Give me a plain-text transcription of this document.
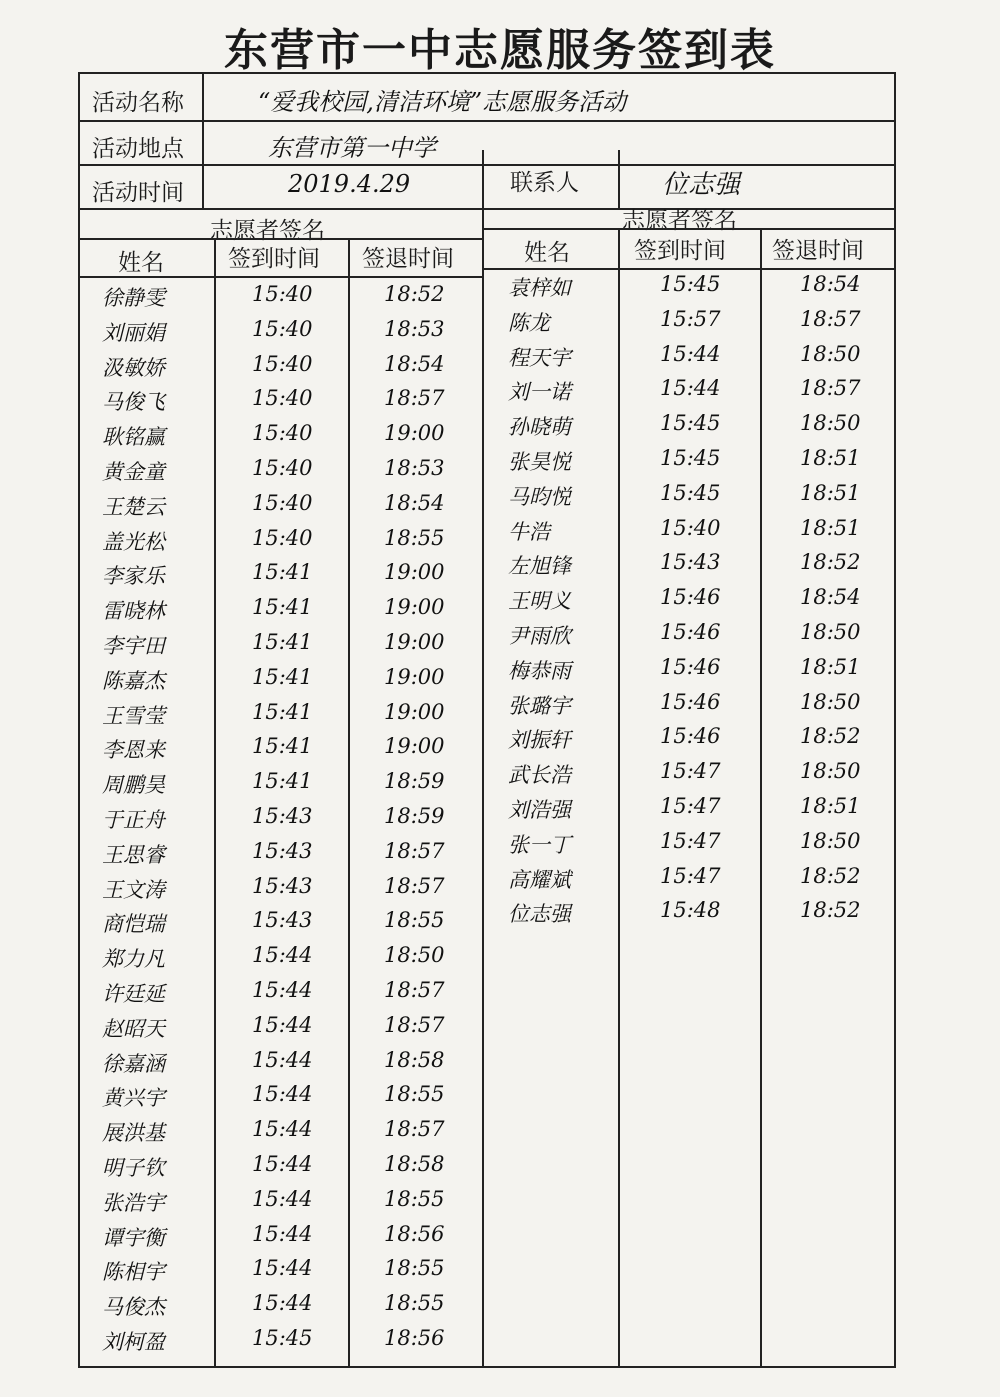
东营市一中志愿服务签到表
活动名称	“爱我校园,清洁环境”志愿服务活动
活动地点	东营市第一中学
活动时间	2019.4.29	联系人	位志强
志愿者签名	志愿者签名
姓名	签到时间 签退时间	姓名	签到时间 签退时间
徐静雯	15:40	18:52
刘丽娟	15:40	18:53
汲敏娇	15:40	18:54
马俊飞	15:40	18:57
耿铭赢	15:40	19:00
黄金童	15:40	18:53
王楚云	15:40	18:54
盖光松	15:40	18:55
李家乐	15:41	19:00
雷晓林	15:41	19:00
李宇田	15:41	19:00
陈嘉杰	15:41	19:00
王雪莹	15:41	19:00
李恩来	15:41	19:00
周鹏昊	15:41	18:59
于正舟	15:43	18:59
王思睿	15:43	18:57
王文涛	15:43	18:57
商恺瑞	15:43	18:55
郑力凡	15:44	18:50
许廷延	15:44	18:57
赵昭天	15:44	18:57
徐嘉涵	15:44	18:58
黄兴宇	15:44	18:55
展洪基	15:44	18:57
明子钦	15:44	18:58
张浩宇	15:44	18:55
谭宇衡	15:44	18:56
陈相宇	15:44	18:55
马俊杰	15:44	18:55
刘柯盈	15:45	18:56
袁梓如	15:45	18:54
陈龙	15:57	18:57
程天宇	15:44	18:50
刘一诺	15:44	18:57
孙晓萌	15:45	18:50
张昊悦	15:45	18:51
马昀悦	15:45	18:51
牛浩	15:40	18:51
左旭锋	15:43	18:52
王明义	15:46	18:54
尹雨欣	15:46	18:50
梅恭雨	15:46	18:51
张璐宇	15:46	18:50
刘振轩	15:46	18:52
武长浩	15:47	18:50
刘浩强	15:47	18:51
张一丁	15:47	18:50
高耀斌	15:47	18:52
位志强	15:48	18:52
